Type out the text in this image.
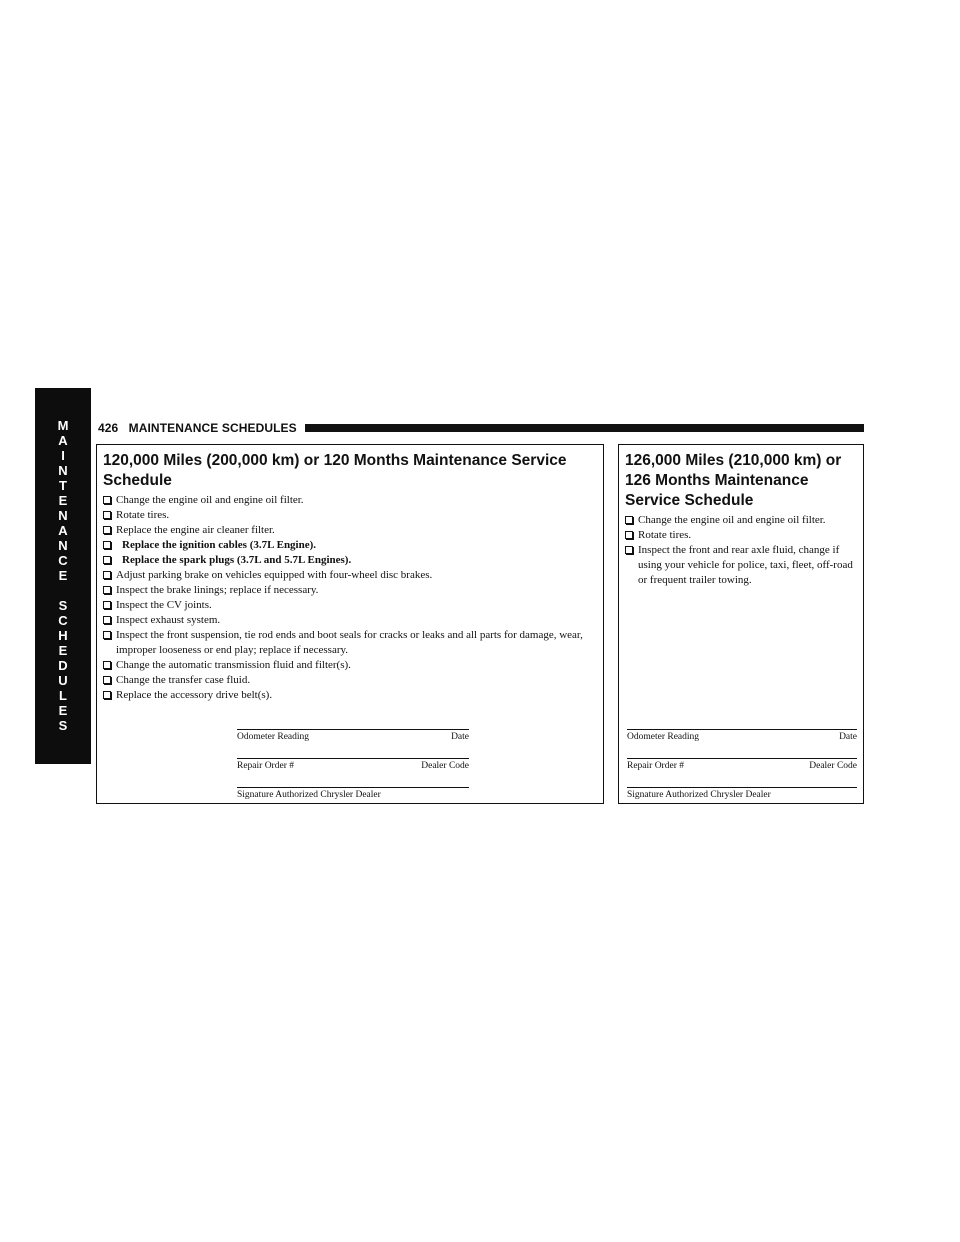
M
A
I
N
T
E
N
A
N
C
E
S
C
H
E
D
U
L
E
S
8
426 MAINTENANCE SCHEDULES
120,000 Miles (200,000 km) or 120 Months Maintenance Service Schedule
Change the engine oil and engine oil filter.
Rotate tires.
Replace the engine air cleaner filter.
Replace the ignition cables (3.7L Engine).
Replace the spark plugs (3.7L and 5.7L Engines).
Adjust parking brake on vehicles equipped with four-wheel disc brakes.
Inspect the brake linings; replace if necessary.
Inspect the CV joints.
Inspect exhaust system.
Inspect the front suspension, tie rod ends and boot seals for cracks or leaks and all parts for damage, wear, improper looseness or end play; replace if necessary.
Change the automatic transmission fluid and filter(s).
Change the transfer case fluid.
Replace the accessory drive belt(s).
Odometer Reading	Date
Repair Order #	Dealer Code
Signature Authorized Chrysler Dealer
126,000 Miles (210,000 km) or 126 Months Maintenance Service Schedule
Change the engine oil and engine oil filter.
Rotate tires.
Inspect the front and rear axle fluid, change if using your vehicle for police, taxi, fleet, off-road or frequent trailer towing.
Odometer Reading	Date
Repair Order #	Dealer Code
Signature Authorized Chrysler Dealer
